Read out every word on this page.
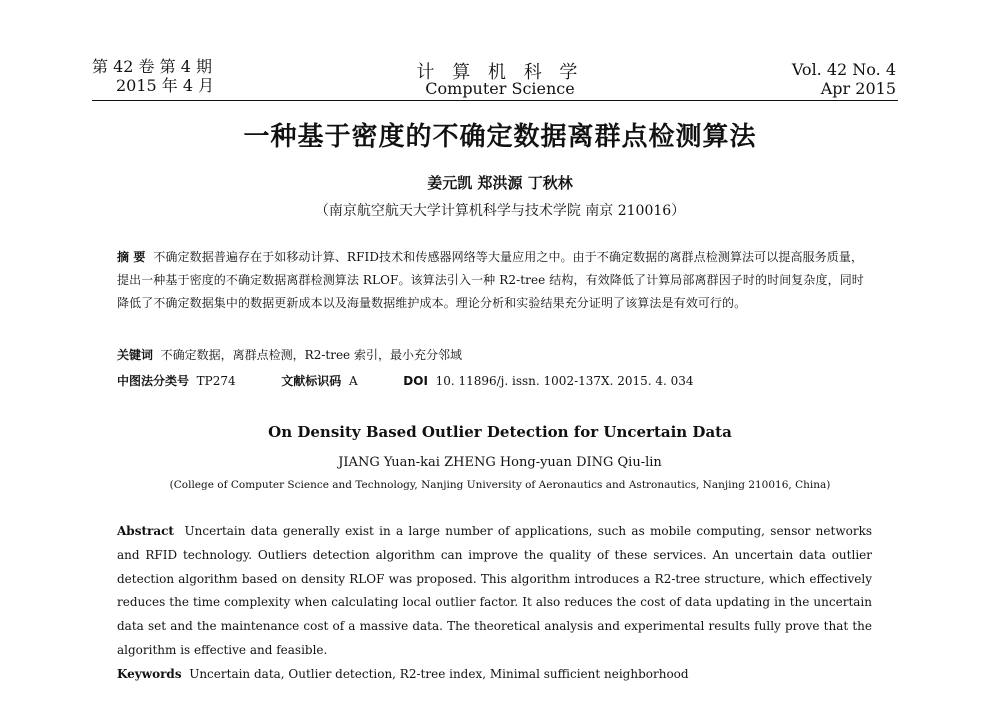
第 42 卷 第 4 期
2015 年 4 月
计 算 机 科 学
Computer Science
Vol. 42 No. 4
Apr 2015
一种基于密度的不确定数据离群点检测算法
姜元凯 郑洪源 丁秋林
（南京航空航天大学计算机科学与技术学院 南京 210016）
摘 要 不确定数据普遍存在于如移动计算、RFID技术和传感器网络等大量应用之中。由于不确定数据的离群点检测算法可以提高服务质量，提出一种基于密度的不确定数据离群检测算法 RLOF。该算法引入一种 R2-tree 结构，有效降低了计算局部离群因子时的时间复杂度，同时降低了不确定数据集中的数据更新成本以及海量数据维护成本。理论分析和实验结果充分证明了该算法是有效可行的。
关键词 不确定数据，离群点检测，R2-tree 索引，最小充分邻域
中图法分类号 TP274	文献标识码 A	DOI 10. 11896/j. issn. 1002-137X. 2015. 4. 034
On Density Based Outlier Detection for Uncertain Data
JIANG Yuan-kai ZHENG Hong-yuan DING Qiu-lin
(College of Computer Science and Technology, Nanjing University of Aeronautics and Astronautics, Nanjing 210016, China)
Abstract Uncertain data generally exist in a large number of applications, such as mobile computing, sensor networks and RFID technology. Outliers detection algorithm can improve the quality of these services. An uncertain data outlier detection algorithm based on density RLOF was proposed. This algorithm introduces a R2-tree structure, which effectively reduces the time complexity when calculating local outlier factor. It also reduces the cost of data updating in the uncertain data set and the maintenance cost of a massive data. The theoretical analysis and experimental results fully prove that the algorithm is effective and feasible.
Keywords Uncertain data, Outlier detection, R2-tree index, Minimal sufficient neighborhood
